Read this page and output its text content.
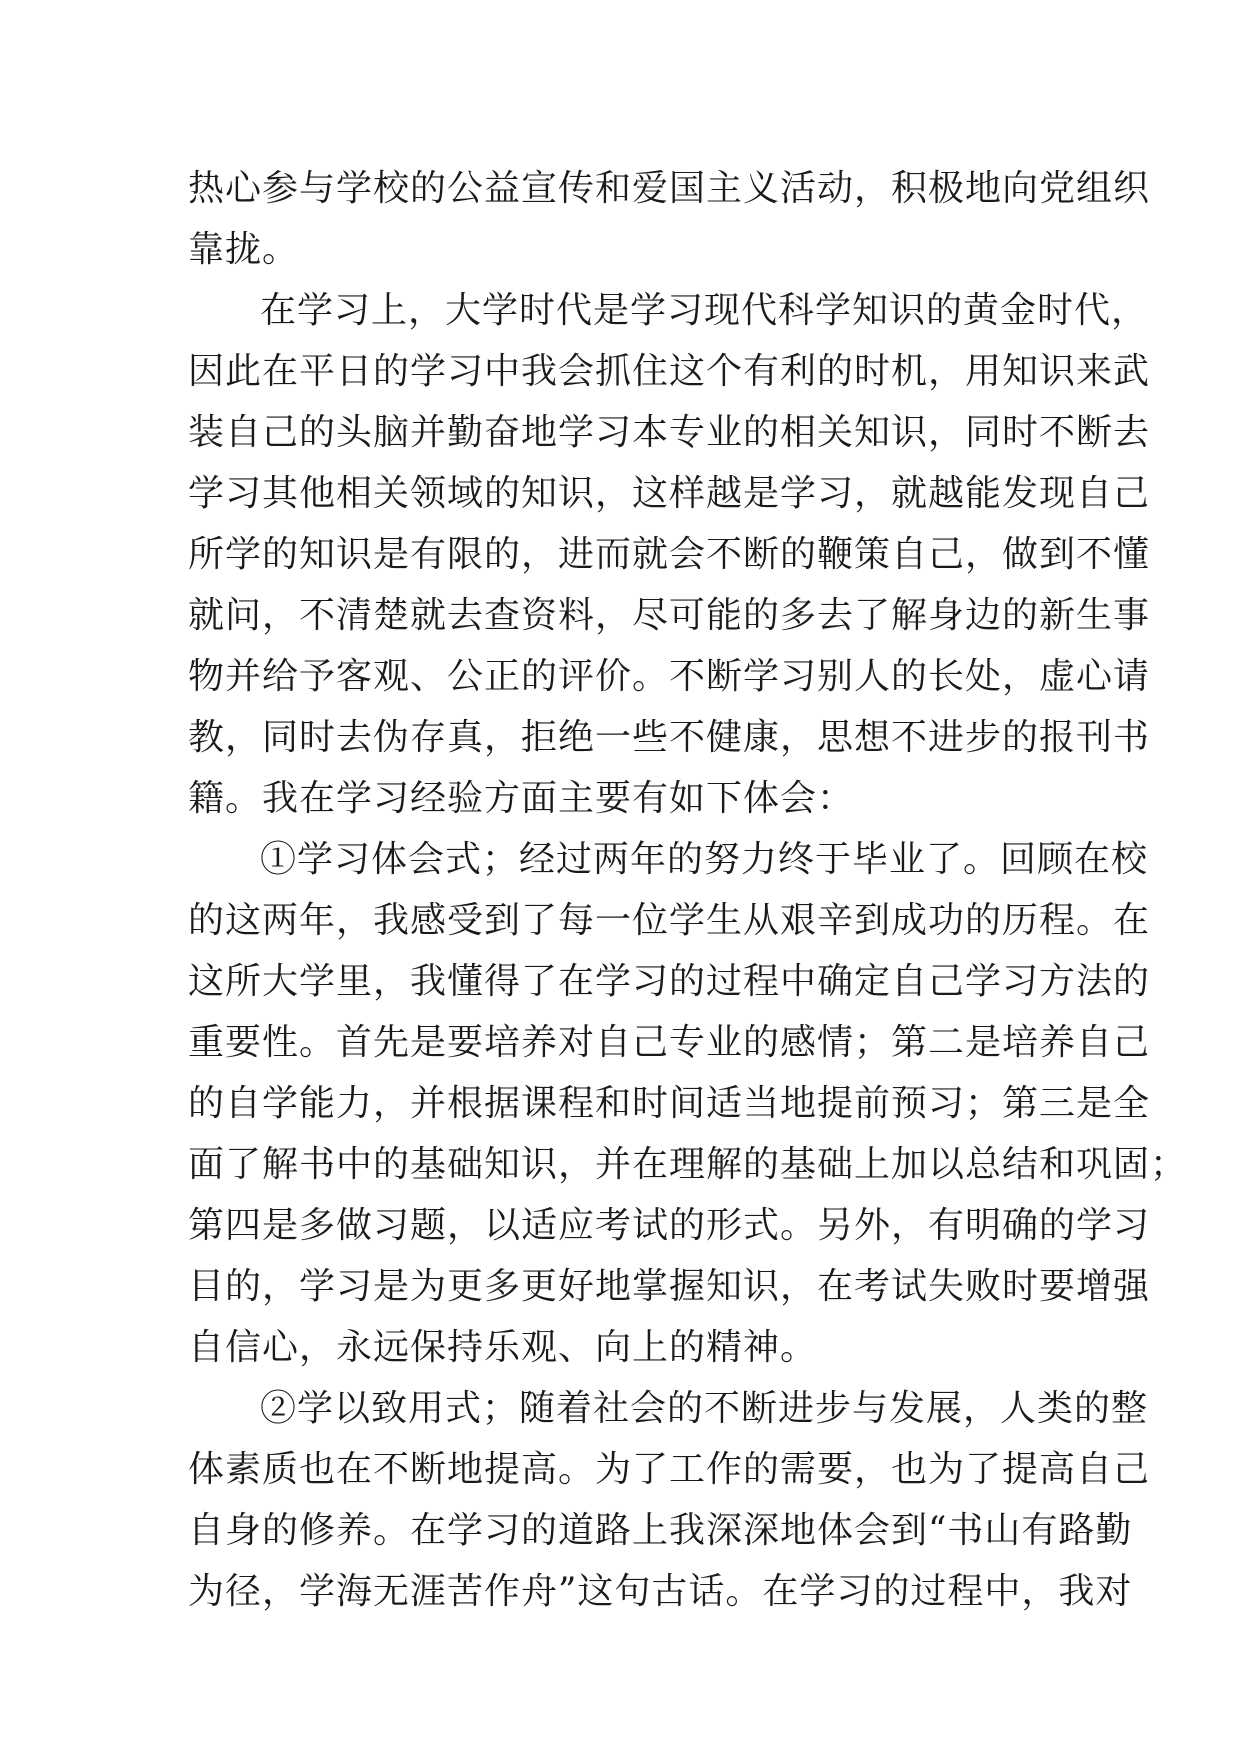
热心参与学校的公益宣传和爱国主义活动，积极地向党组织
靠拢。
在学习上，大学时代是学习现代科学知识的黄金时代，
因此在平日的学习中我会抓住这个有利的时机，用知识来武
装自己的头脑并勤奋地学习本专业的相关知识，同时不断去
学习其他相关领域的知识，这样越是学习，就越能发现自己
所学的知识是有限的，进而就会不断的鞭策自己，做到不懂
就问，不清楚就去查资料，尽可能的多去了解身边的新生事
物并给予客观、公正的评价。不断学习别人的长处，虚心请
教，同时去伪存真，拒绝一些不健康，思想不进步的报刊书
籍。我在学习经验方面主要有如下体会：
①学习体会式；经过两年的努力终于毕业了。回顾在校
的这两年，我感受到了每一位学生从艰辛到成功的历程。在
这所大学里，我懂得了在学习的过程中确定自己学习方法的
重要性。首先是要培养对自己专业的感情；第二是培养自己
的自学能力，并根据课程和时间适当地提前预习；第三是全
面了解书中的基础知识，并在理解的基础上加以总结和巩固；
第四是多做习题，以适应考试的形式。另外，有明确的学习
目的，学习是为更多更好地掌握知识，在考试失败时要增强
自信心，永远保持乐观、向上的精神。
②学以致用式；随着社会的不断进步与发展，人类的整
体素质也在不断地提高。为了工作的需要，也为了提高自己
自身的修养。在学习的道路上我深深地体会到“书山有路勤
为径，学海无涯苦作舟”这句古话。在学习的过程中，我对
